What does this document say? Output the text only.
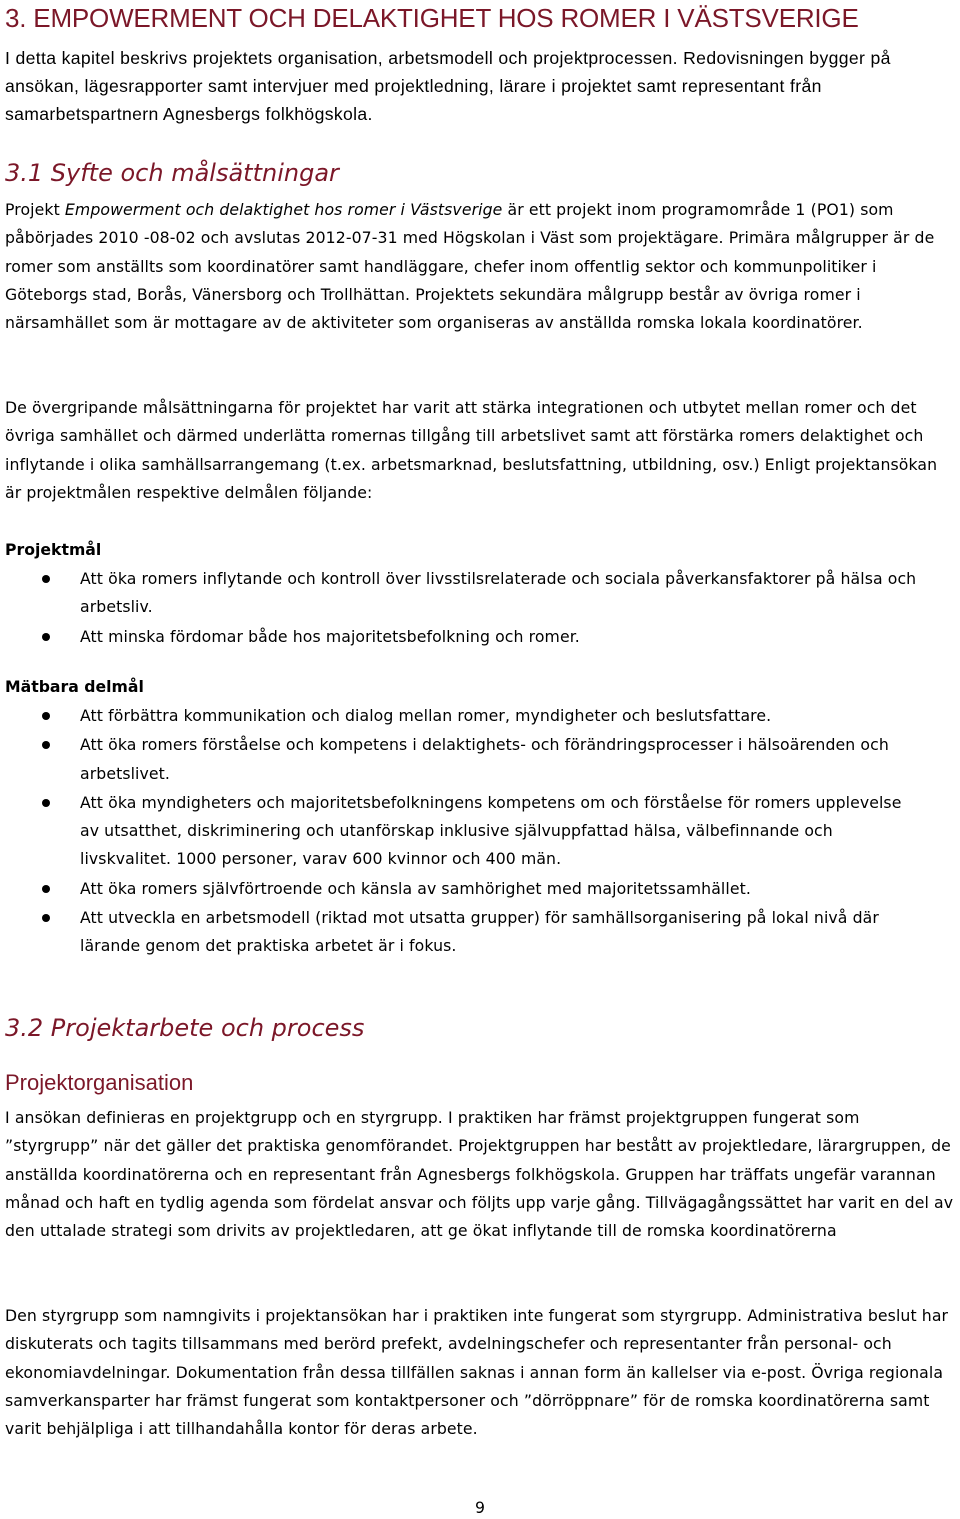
3. EMPOWERMENT OCH DELAKTIGHET HOS ROMER I VÄSTSVERIGE

I detta kapitel beskrivs projektets organisation, arbetsmodell och projektprocessen. Redovisningen bygger på ansökan, lägesrapporter samt intervjuer med projektledning, lärare i projektet samt representant från samarbetspartnern Agnesbergs folkhögskola.

3.1 Syfte och målsättningar

Projekt Empowerment och delaktighet hos romer i Västsverige är ett projekt inom programområde 1 (PO1) som påbörjades 2010 -08-02 och avslutas 2012-07-31 med Högskolan i Väst som projektägare. Primära målgrupper är de romer som anställts som koordinatörer samt handläggare, chefer inom offentlig sektor och kommunpolitiker i Göteborgs stad, Borås, Vänersborg och Trollhättan. Projektets sekundära målgrupp består av övriga romer i närsamhället som är mottagare av de aktiviteter som organiseras av anställda romska lokala koordinatörer.

De övergripande målsättningarna för projektet har varit att stärka integrationen och utbytet mellan romer och det övriga samhället och därmed underlätta romernas tillgång till arbetslivet samt att förstärka romers delaktighet och inflytande i olika samhällsarrangemang (t.ex. arbetsmarknad, beslutsfattning, utbildning, osv.) Enligt projektansökan är projektmålen respektive delmålen följande:

Projektmål
Att öka romers inflytande och kontroll över livsstilsrelaterade och sociala påverkansfaktorer på hälsa och arbetsliv.
Att minska fördomar både hos majoritetsbefolkning och romer.
Mätbara delmål
Att förbättra kommunikation och dialog mellan romer, myndigheter och beslutsfattare.
Att öka romers förståelse och kompetens i delaktighets- och förändringsprocesser i hälsoärenden och arbetslivet.
Att öka myndigheters och majoritetsbefolkningens kompetens om och förståelse för romers upplevelse av utsatthet, diskriminering och utanförskap inklusive självuppfattad hälsa, välbefinnande och livskvalitet. 1000 personer, varav 600 kvinnor och 400 män.
Att öka romers självförtroende och känsla av samhörighet med majoritetssamhället.
Att utveckla en arbetsmodell (riktad mot utsatta grupper) för samhällsorganisering på lokal nivå där lärande genom det praktiska arbetet är i fokus.
3.2 Projektarbete och process
Projektorganisation

I ansökan definieras en projektgrupp och en styrgrupp. I praktiken har främst projektgruppen fungerat som ”styrgrupp” när det gäller det praktiska genomförandet. Projektgruppen har bestått av projektledare, lärargruppen, de anställda koordinatörerna och en representant från Agnesbergs folkhögskola. Gruppen har träffats ungefär varannan månad och haft en tydlig agenda som fördelat ansvar och följts upp varje gång. Tillvägagångssättet har varit en del av den uttalade strategi som drivits av projektledaren, att ge ökat inflytande till de romska koordinatörerna

Den styrgrupp som namngivits i projektansökan har i praktiken inte fungerat som styrgrupp. Administrativa beslut har diskuterats och tagits tillsammans med berörd prefekt, avdelningschefer och representanter från personal- och ekonomiavdelningar. Dokumentation från dessa tillfällen saknas i annan form än kallelser via e-post. Övriga regionala samverkansparter har främst fungerat som kontaktpersoner och ”dörröppnare” för de romska koordinatörerna samt varit behjälpliga i att tillhandahålla kontor för deras arbete.

9
